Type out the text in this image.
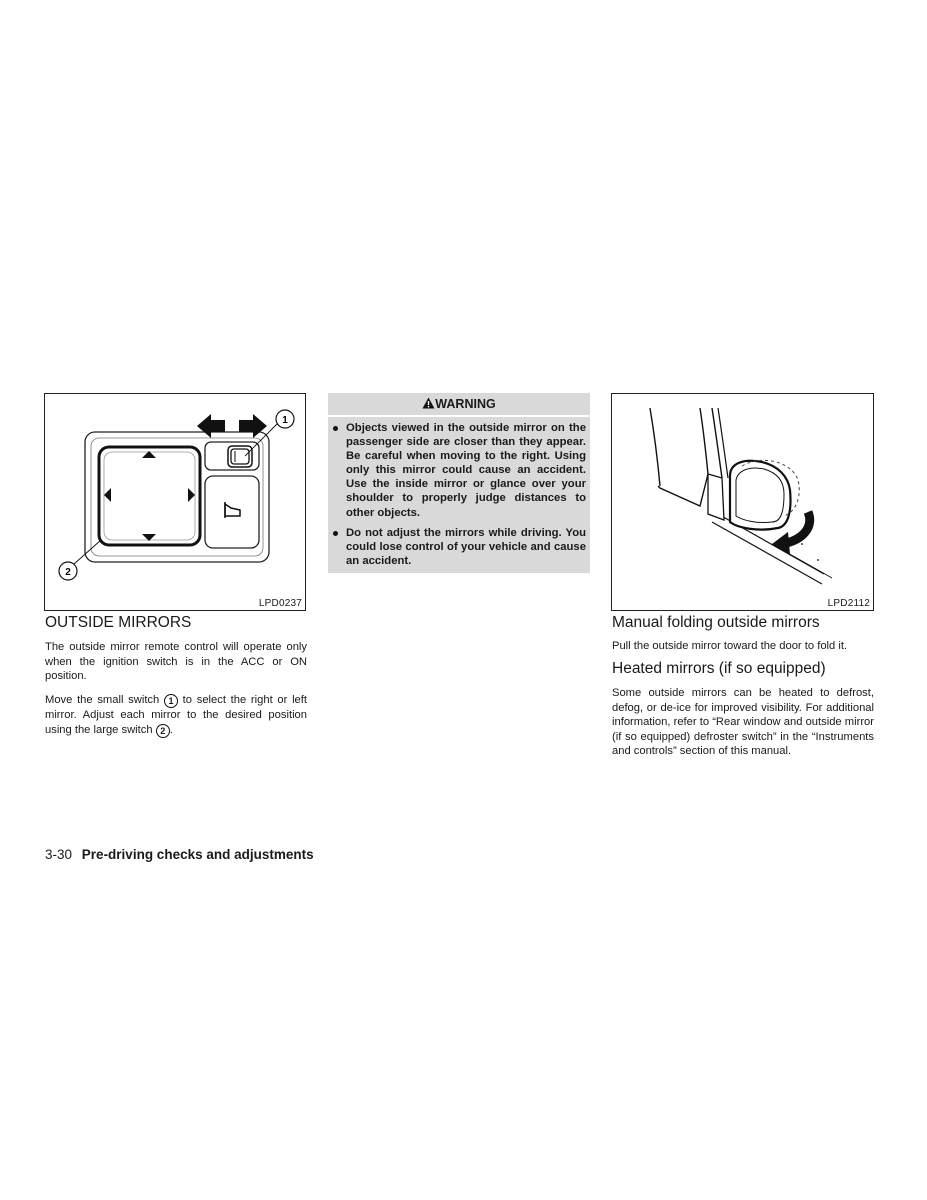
1
2
LPD0237
OUTSIDE MIRRORS

The outside mirror remote control will operate only when the ignition switch is in the ACC or ON position.

Move the small switch 1 to select the right or left mirror. Adjust each mirror to the desired position using the large switch 2 .

WARNING
Objects viewed in the outside mirror on the passenger side are closer than they appear. Be careful when moving to the right. Using only this mirror could cause an accident. Use the inside mirror or glance over your shoulder to properly judge distances to other objects.
Do not adjust the mirrors while driving. You could lose control of your vehicle and cause an accident.
LPD2112
Manual folding outside mirrors

Pull the outside mirror toward the door to fold it.

Heated mirrors (if so equipped)

Some outside mirrors can be heated to defrost, defog, or de-ice for improved visibility. For additional information, refer to “Rear window and outside mirror (if so equipped) defroster switch” in the “Instruments and controls” section of this manual.

3-30 Pre-driving checks and adjustments
